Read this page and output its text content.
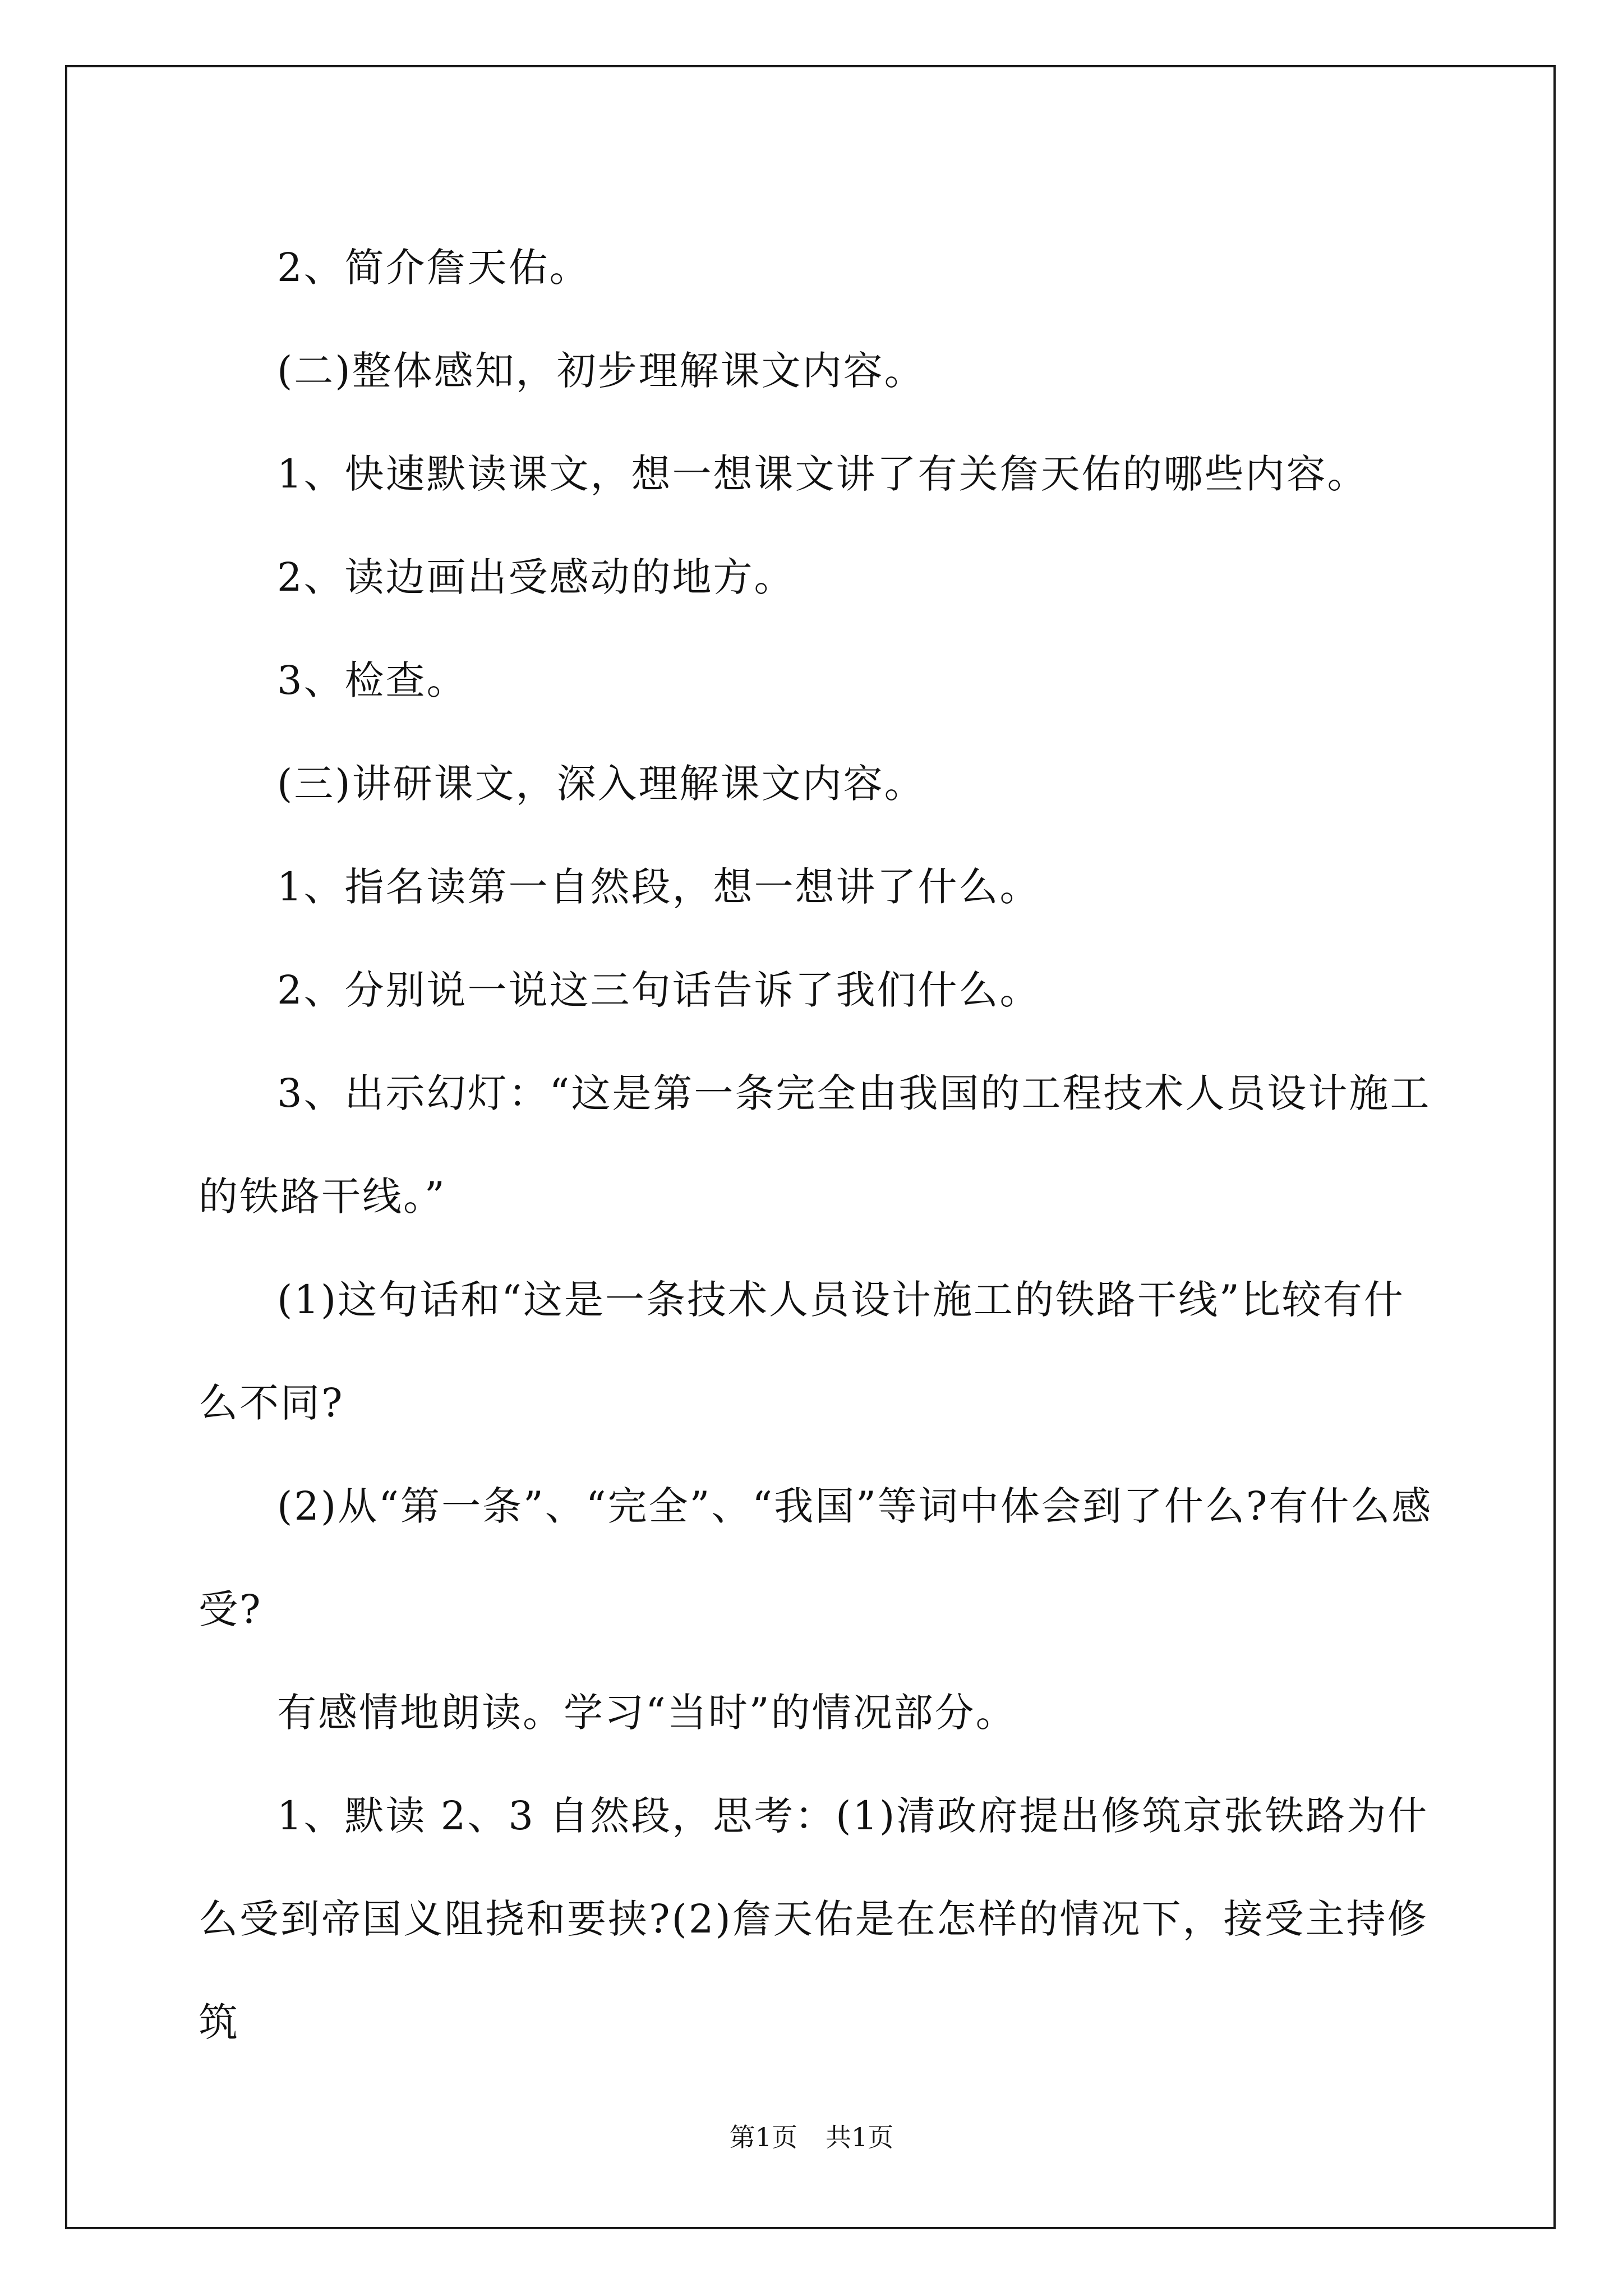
2、简介詹天佑。

(二)整体感知，初步理解课文内容。

1、快速默读课文，想一想课文讲了有关詹天佑的哪些内容。

2、读边画出受感动的地方。

3、检查。

(三)讲研课文，深入理解课文内容。

1、指名读第一自然段，想一想讲了什么。

2、分别说一说这三句话告诉了我们什么。

3、出示幻灯：“这是第一条完全由我国的工程技术人员设计施工的铁路干线。”

(1)这句话和“这是一条技术人员设计施工的铁路干线”比较有什么不同?

(2)从“第一条”、“完全”、“我国”等词中体会到了什么?有什么感受?

有感情地朗读。学习“当时”的情况部分。

1、默读 2、3 自然段，思考：(1)清政府提出修筑京张铁路为什么受到帝国义阻挠和要挟?(2)詹天佑是在怎样的情况下，接受主持修筑

第1页 共1页
